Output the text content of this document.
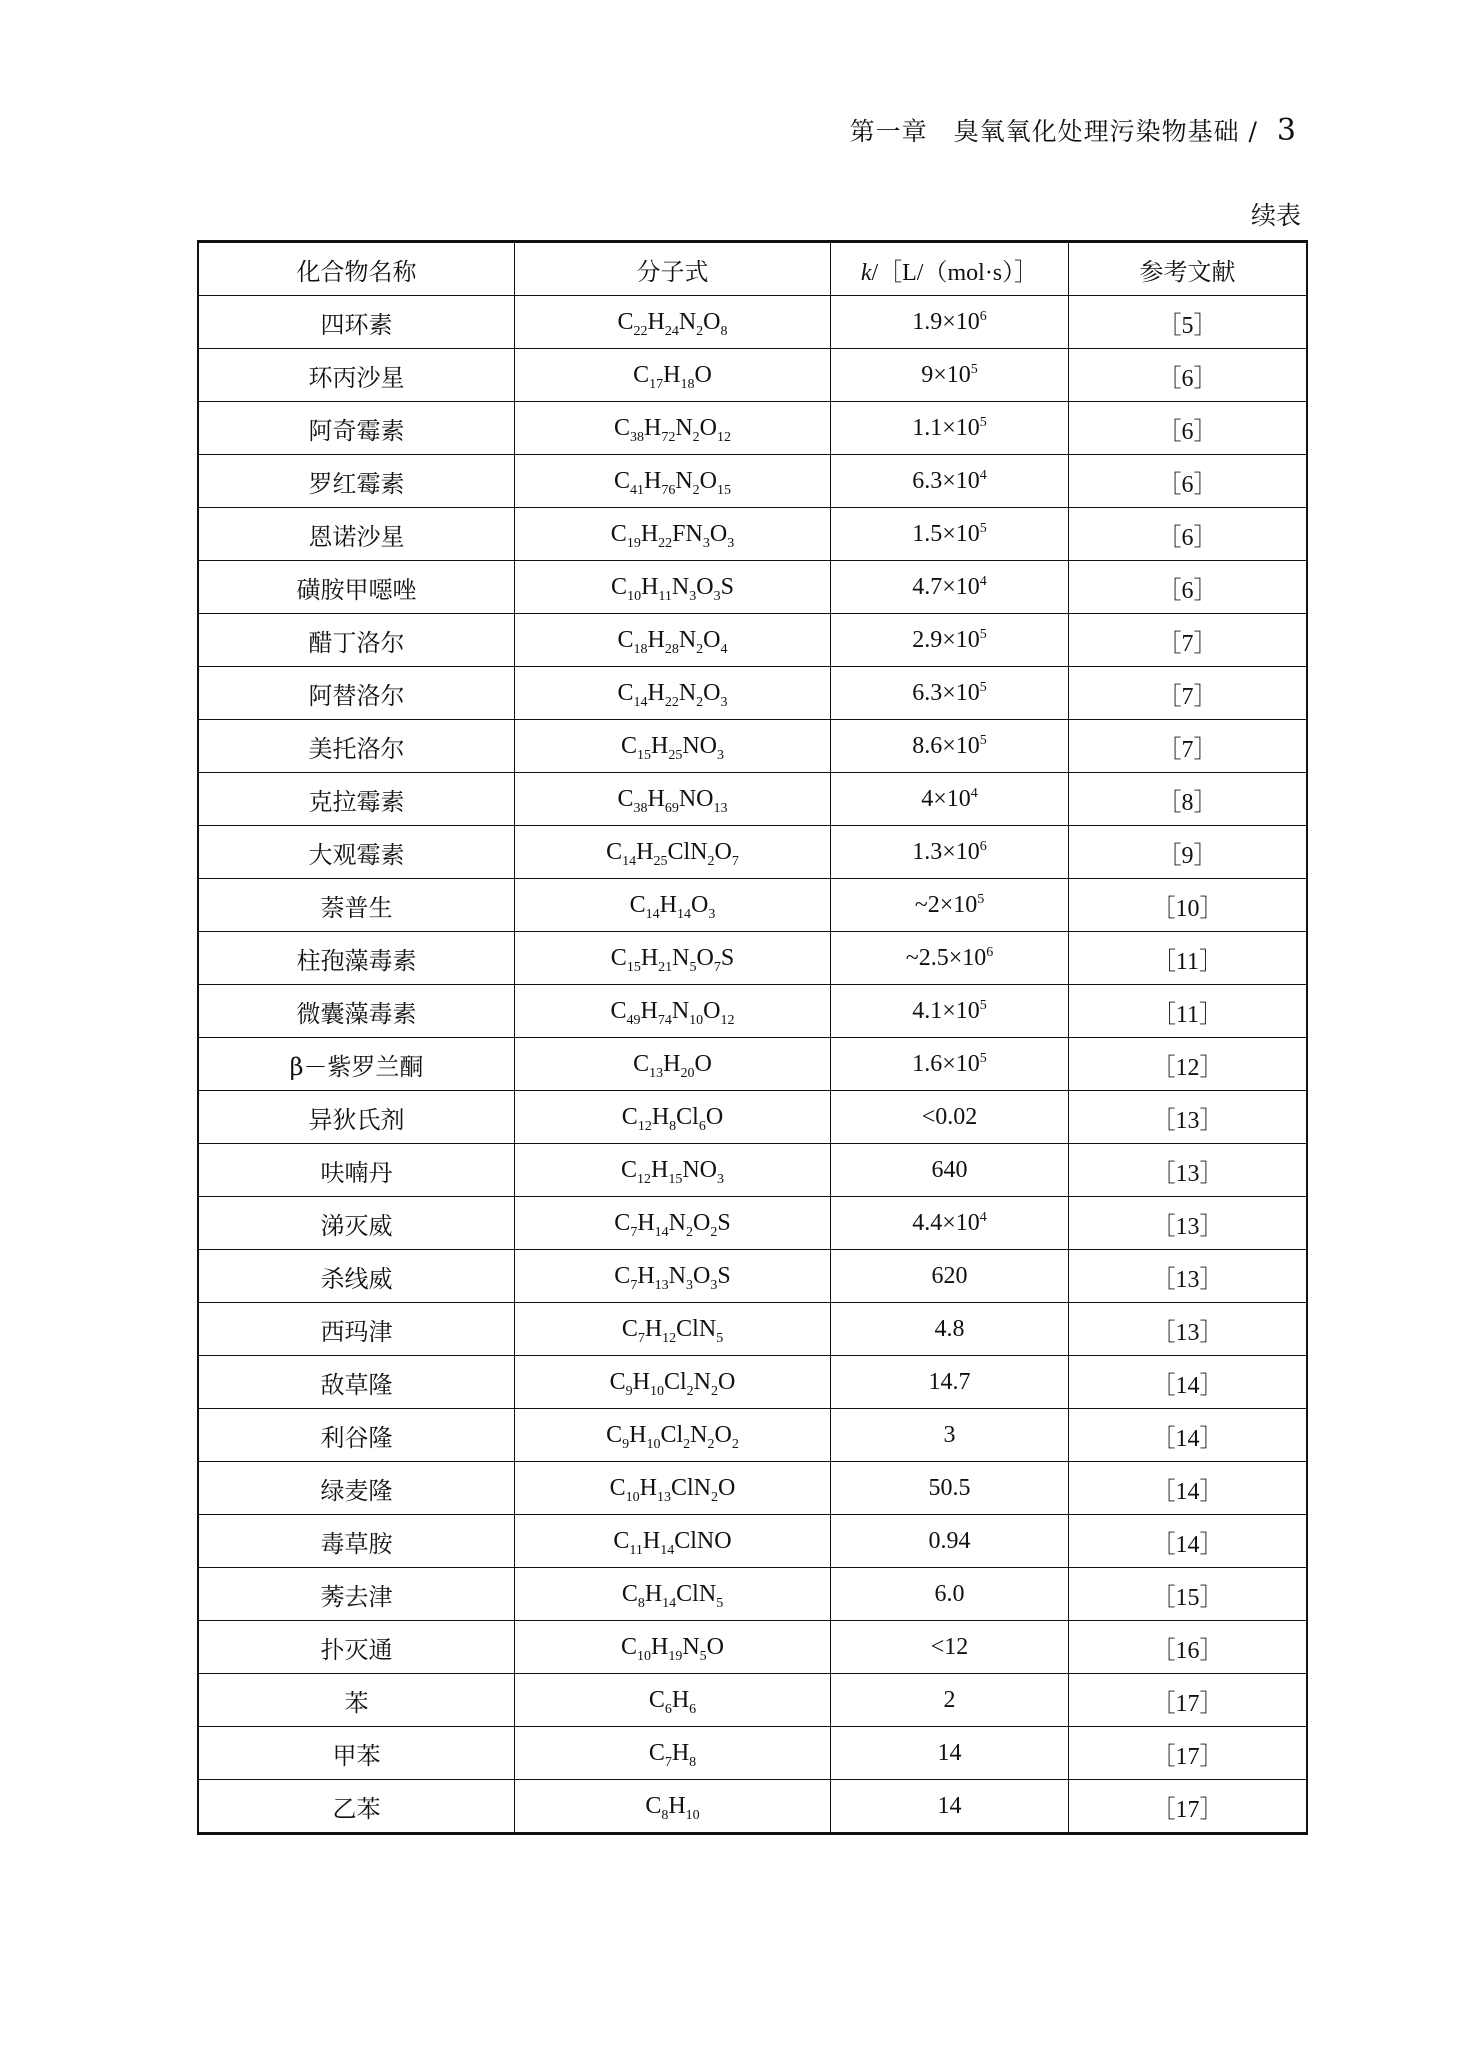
第一章　臭氧氧化处理污染物基础 / 3
续表
化合物名称	分子式	k/［L/（mol·s）］	参考文献
四环素	$C_{22}H_{24}N_2O_8$	$1.9\times 10^6$	［5］
环丙沙星	$C_{17}H_{18}O$	$9\times 10^5$	［6］
阿奇霉素	$C_{38}H_{72}N_2O_{12}$	$1.1\times 10^5$	［6］
罗红霉素	$C_{41}H_{76}N_2O_{15}$	$6.3\times 10^4$	［6］
恩诺沙星	$C_{19}H_{22}FN_3O_3$	$1.5\times 10^5$	［6］
磺胺甲噁唑	$C_{10}H_{11}N_3O_3S$	$4.7\times 10^4$	［6］
醋丁洛尔	$C_{18}H_{28}N_2O_4$	$2.9\times 10^5$	［7］
阿替洛尔	$C_{14}H_{22}N_2O_3$	$6.3\times 10^5$	［7］
美托洛尔	$C_{15}H_{25}NO_3$	$8.6\times 10^5$	［7］
克拉霉素	$C_{38}H_{69}NO_{13}$	$4\times 10^4$	［8］
大观霉素	$C_{14}H_{25}ClN_2O_7$	$1.3\times 10^6$	［9］
萘普生	$C_{14}H_{14}O_3$	$\sim 2\times 10^5$	［10］
柱孢藻毒素	$C_{15}H_{21}N_5O_7S$	$\sim 2.5\times 10^6$	［11］
微囊藻毒素	$C_{49}H_{74}N_{10}O_{12}$	$4.1\times 10^5$	［11］
β－紫罗兰酮	$C_{13}H_{20}O$	$1.6\times 10^5$	［12］
异狄氏剂	$C_{12}H_8Cl_6O$	<0.02	［13］
呋喃丹	$C_{12}H_{15}NO_3$	640	［13］
涕灭威	$C_7H_{14}N_2O_2S$	$4.4\times 10^4$	［13］
杀线威	$C_7H_{13}N_3O_3S$	620	［13］
西玛津	$C_7H_{12}ClN_5$	4.8	［13］
敌草隆	$C_9H_{10}Cl_2N_2O$	14.7	［14］
利谷隆	$C_9H_{10}Cl_2N_2O_2$	3	［14］
绿麦隆	$C_{10}H_{13}ClN_2O$	50.5	［14］
毒草胺	$C_{11}H_{14}ClNO$	0.94	［14］
莠去津	$C_8H_{14}ClN_5$	6.0	［15］
扑灭通	$C_{10}H_{19}N_5O$	<12	［16］
苯	$C_6H_6$	2	［17］
甲苯	$C_7H_8$	14	［17］
乙苯	$C_8H_{10}$	14	［17］
